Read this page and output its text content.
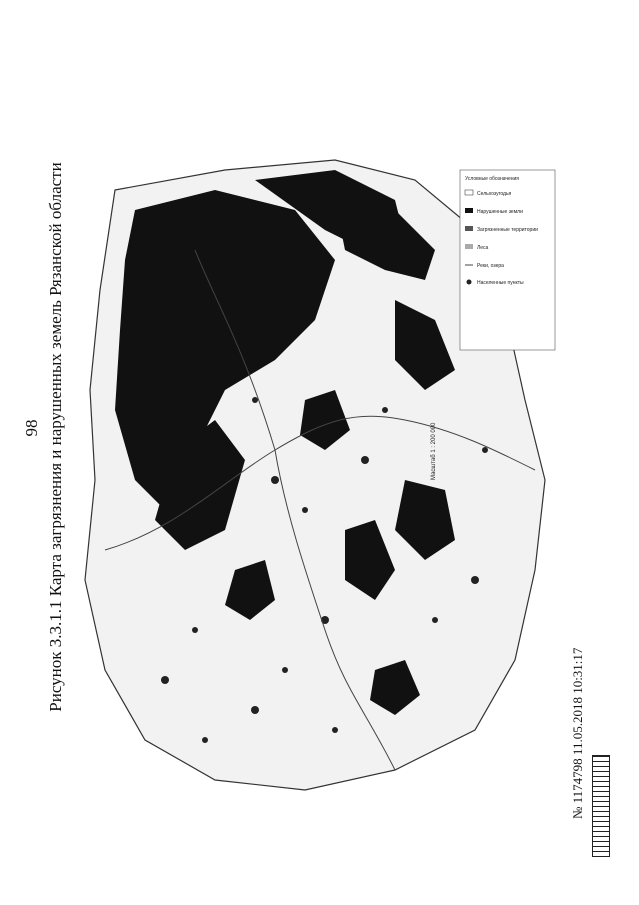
98 Рисунок 3.3.1.1 Карта загрязнения и нарушенных земель Рязанской области
№ 1174798 11.05.2018 10:31:17
Условные обозначения
Сельхозугодья
Нарушенные земли
Загрязненные территории
Леса
Реки, озера
Населенные пункты
Масштаб 1 : 200 000
